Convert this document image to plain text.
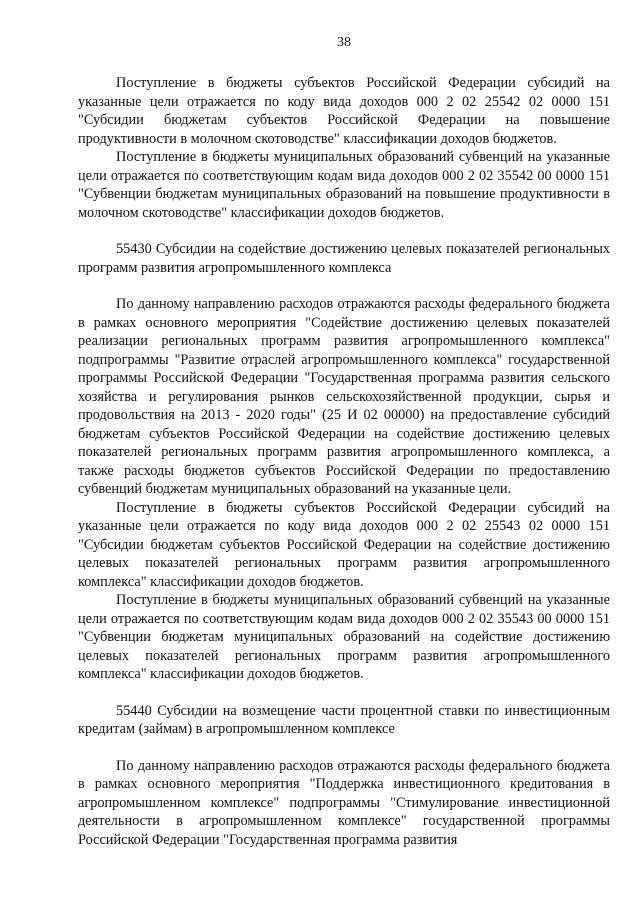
38

Поступление в бюджеты субъектов Российской Федерации субсидий на указанные цели отражается по коду вида доходов 000 2 02 25542 02 0000 151 "Субсидии бюджетам субъектов Российской Федерации на повышение продуктивности в молочном скотоводстве" классификации доходов бюджетов.

Поступление в бюджеты муниципальных образований субвенций на указанные цели отражается по соответствующим кодам вида доходов 000 2 02 35542 00 0000 151 "Субвенции бюджетам муниципальных образований на повышение продуктивности в молочном скотоводстве" классификации доходов бюджетов.

55430 Субсидии на содействие достижению целевых показателей региональных программ развития агропромышленного комплекса

По данному направлению расходов отражаются расходы федерального бюджета в рамках основного мероприятия "Содействие достижению целевых показателей реализации региональных программ развития агропромышленного комплекса" подпрограммы "Развитие отраслей агропромышленного комплекса" государственной программы Российской Федерации "Государственная программа развития сельского хозяйства и регулирования рынков сельскохозяйственной продукции, сырья и продовольствия на 2013 - 2020 годы" (25 И 02 00000) на предоставление субсидий бюджетам субъектов Российской Федерации на содействие достижению целевых показателей региональных программ развития агропромышленного комплекса, а также расходы бюджетов субъектов Российской Федерации по предоставлению субвенций бюджетам муниципальных образований на указанные цели.

Поступление в бюджеты субъектов Российской Федерации субсидий на указанные цели отражается по коду вида доходов 000 2 02 25543 02 0000 151 "Субсидии бюджетам субъектов Российской Федерации на содействие достижению целевых показателей региональных программ развития агропромышленного комплекса" классификации доходов бюджетов.

Поступление в бюджеты муниципальных образований субвенций на указанные цели отражается по соответствующим кодам вида доходов 000 2 02 35543 00 0000 151 "Субвенции бюджетам муниципальных образований на содействие достижению целевых показателей региональных программ развития агропромышленного комплекса" классификации доходов бюджетов.

55440 Субсидии на возмещение части процентной ставки по инвестиционным кредитам (займам) в агропромышленном комплексе

По данному направлению расходов отражаются расходы федерального бюджета в рамках основного мероприятия "Поддержка инвестиционного кредитования в агропромышленном комплексе" подпрограммы "Стимулирование инвестиционной деятельности в агропромышленном комплексе" государственной программы Российской Федерации "Государственная программа развития
